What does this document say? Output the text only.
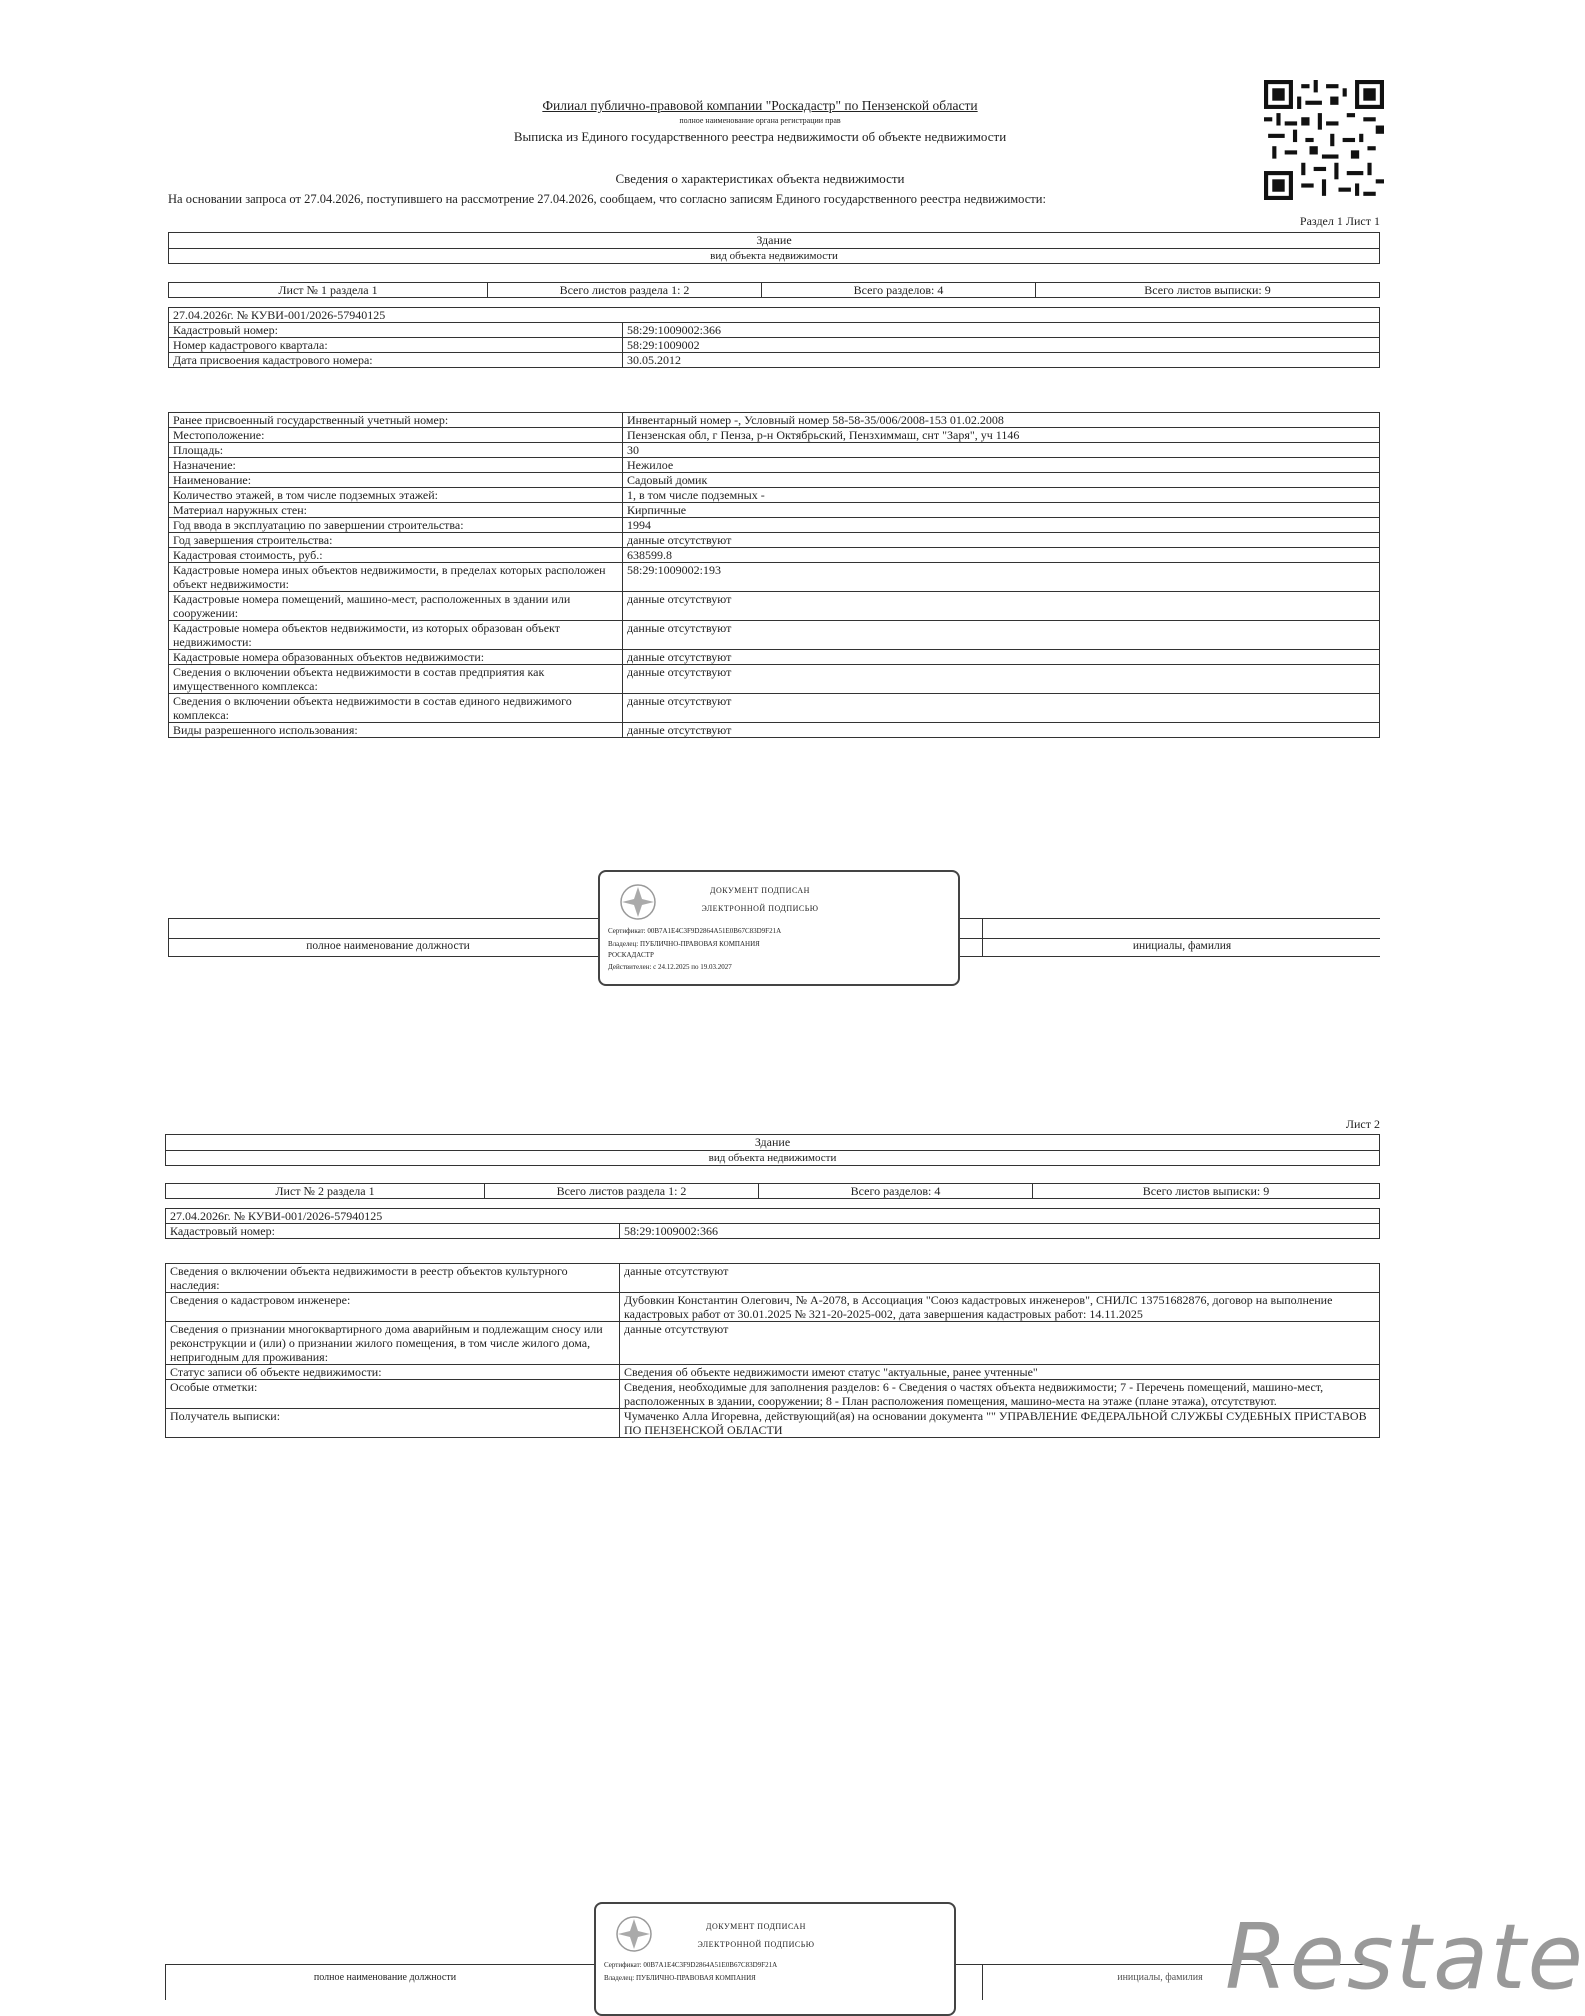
Филиал публично-правовой компании "Роскадастр" по Пензенской области
полное наименование органа регистрации прав
Выписка из Единого государственного реестра недвижимости об объекте недвижимости
Сведения о характеристиках объекта недвижимости
На основании запроса от 27.04.2026, поступившего на рассмотрение 27.04.2026, сообщаем, что согласно записям Единого государственного реестра недвижимости:
Раздел 1 Лист 1
Здание
вид объекта недвижимости
Лист № 1 раздела 1	Всего листов раздела 1: 2	Всего разделов: 4	Всего листов выписки: 9
27.04.2026г. № КУВИ-001/2026-57940125	
Кадастровый номер:	58:29:1009002:366
Номер кадастрового квартала:	58:29:1009002
Дата присвоения кадастрового номера:	30.05.2012
Ранее присвоенный государственный учетный номер:	Инвентарный номер -, Условный номер 58-58-35/006/2008-153 01.02.2008
Местоположение:	Пензенская обл, г Пенза, р-н Октябрьский, Пензхиммаш, снт "Заря", уч 1146
Площадь:	30
Назначение:	Нежилое
Наименование:	Садовый домик
Количество этажей, в том числе подземных этажей:	1, в том числе подземных -
Материал наружных стен:	Кирпичные
Год ввода в эксплуатацию по завершении строительства:	1994
Год завершения строительства:	данные отсутствуют
Кадастровая стоимость, руб.:	638599.8
Кадастровые номера иных объектов недвижимости, в пределах которых расположен объект недвижимости:	58:29:1009002:193
Кадастровые номера помещений, машино-мест, расположенных в здании или сооружении:	данные отсутствуют
Кадастровые номера объектов недвижимости, из которых образован объект недвижимости:	данные отсутствуют
Кадастровые номера образованных объектов недвижимости:	данные отсутствуют
Сведения о включении объекта недвижимости в состав предприятия как имущественного комплекса:	данные отсутствуют
Сведения о включении объекта недвижимости в состав единого недвижимого комплекса:	данные отсутствуют
Виды разрешенного использования:	данные отсутствуют
полное наименование должности	инициалы, фамилия
ДОКУМЕНТ ПОДПИСАН
ЭЛЕКТРОННОЙ ПОДПИСЬЮ
Сертификат: 00B7A1E4C3F9D2864A51E0B67C83D9F21A
Владелец: ПУБЛИЧНО-ПРАВОВАЯ КОМПАНИЯ
РОСКАДАСТР
Действителен: с 24.12.2025 по 19.03.2027
Лист 2
Здание
вид объекта недвижимости
Лист № 2 раздела 1	Всего листов раздела 1: 2	Всего разделов: 4	Всего листов выписки: 9
27.04.2026г. № КУВИ-001/2026-57940125
Кадастровый номер:	58:29:1009002:366
Сведения о включении объекта недвижимости в реестр объектов культурного наследия:	данные отсутствуют
Сведения о кадастровом инженере:	Дубовкин Константин Олегович, № А-2078, в Ассоциация "Союз кадастровых инженеров", СНИЛС 13751682876, договор на выполнение кадастровых работ от 30.01.2025 № 321-20-2025-002, дата завершения кадастровых работ: 14.11.2025
Сведения о признании многоквартирного дома аварийным и подлежащим сносу или реконструкции и (или) о признании жилого помещения, в том числе жилого дома, непригодным для проживания:	данные отсутствуют
Статус записи об объекте недвижимости:	Сведения об объекте недвижимости имеют статус "актуальные, ранее учтенные"
Особые отметки:	Сведения, необходимые для заполнения разделов: 6 - Сведения о частях объекта недвижимости; 7 - Перечень помещений, машино-мест, расположенных в здании, сооружении; 8 - План расположения помещения, машино-места на этаже (плане этажа), отсутствуют.
Получатель выписки:	Чумаченко Алла Игоревна, действующий(ая) на основании документа "" УПРАВЛЕНИЕ ФЕДЕРАЛЬНОЙ СЛУЖБЫ СУДЕБНЫХ ПРИСТАВОВ ПО ПЕНЗЕНСКОЙ ОБЛАСТИ
полное наименование должности	инициалы, фамилия
ДОКУМЕНТ ПОДПИСАН
ЭЛЕКТРОННОЙ ПОДПИСЬЮ
Сертификат: 00B7A1E4C3F9D2864A51E0B67C83D9F21A
Владелец: ПУБЛИЧНО-ПРАВОВАЯ КОМПАНИЯ	Restate
